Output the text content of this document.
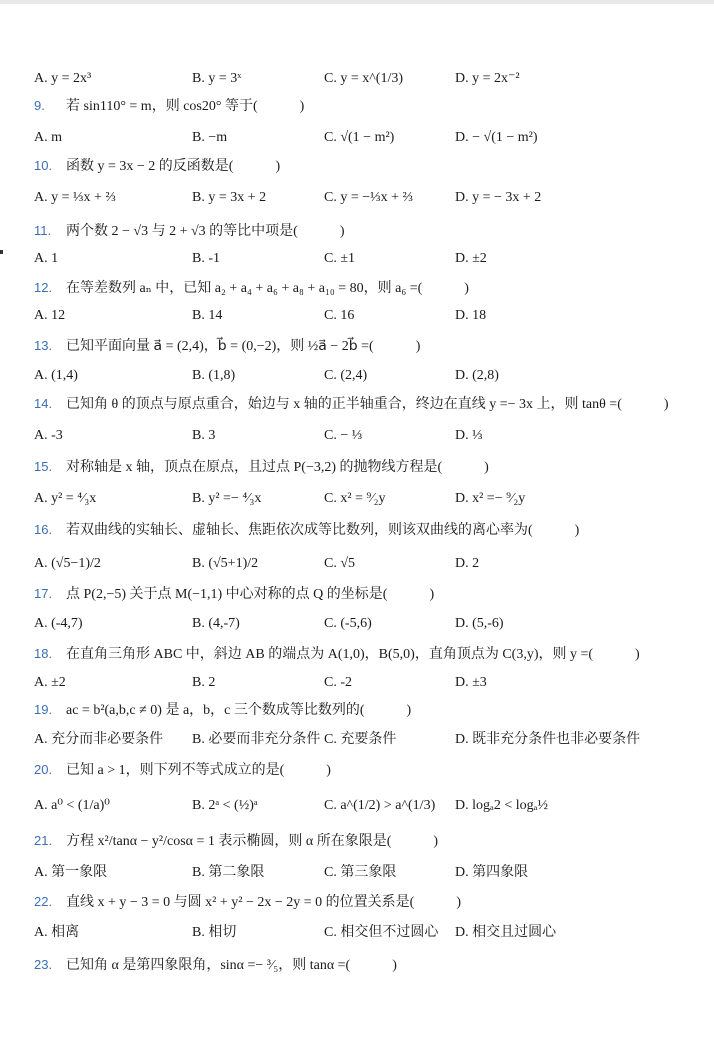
A. y = 2x³	B. y = 3ˣ	C. y = x^(1/3)	D. y = 2x⁻²
9.	若 sin110° = m，则 cos20° 等于(　　　)
A. m	B. −m	C. √(1 − m²)	D. − √(1 − m²)
10. 函数 y = 3x − 2 的反函数是(　　　)
A. y = ⅓x + ⅔	B. y = 3x + 2	C. y = −⅓x + ⅔	D. y = − 3x + 2
11.	两个数 2 − √3 与 2 + √3 的等比中项是(　　　)
A. 1	B. -1	C. ±1	D. ±2
12. 在等差数列 aₙ 中，已知 a₂ + a₄ + a₆ + a₈ + a₁₀ = 80，则 a₆ =(　　　)
A. 12	B. 14	C. 16	D. 18
13. 已知平面向量 a⃗ = (2,4)，b⃗ = (0,−2)，则 ½a⃗ − 2b⃗ =(　　　)
A. (1,4)	B. (1,8)	C. (2,4)	D. (2,8)
14. 已知角 θ 的顶点与原点重合，始边与 x 轴的正半轴重合，终边在直线 y =− 3x 上，则 tanθ =(　　　)
A. -3	B. 3	C. − ⅓	D. ⅓
15. 对称轴是 x 轴，顶点在原点，且过点 P(−3,2) 的抛物线方程是(　　　)
A. y² = ⁴⁄₃x	B. y² =− ⁴⁄₃x	C. x² = ⁹⁄₂y	D. x² =− ⁹⁄₂y
16. 若双曲线的实轴长、虚轴长、焦距依次成等比数列，则该双曲线的离心率为(　　　)
A. (√5−1)/2	B. (√5+1)/2	C. √5	D. 2
17. 点 P(2,−5) 关于点 M(−1,1) 中心对称的点 Q 的坐标是(　　　)
A. (-4,7)	B. (4,-7)	C. (-5,6)	D. (5,-6)
18. 在直角三角形 ABC 中，斜边 AB 的端点为 A(1,0)，B(5,0)，直角顶点为 C(3,y)，则 y =(　　　)
A. ±2	B. 2	C. -2	D. ±3
19. ac = b²(a,b,c ≠ 0) 是 a，b，c 三个数成等比数列的(　　　)
A. 充分而非必要条件 B. 必要而非充分条件 C. 充要条件	D. 既非充分条件也非必要条件
20. 已知 a > 1，则下列不等式成立的是(　　　)
A. a⁰ < (1/a)⁰	B. 2ᵃ < (½)ᵃ	C. a^(1/2) > a^(1/3) D. logₐ2 < logₐ½
21. 方程 x²/tanα − y²/cosα = 1 表示椭圆，则 α 所在象限是(　　　)
A. 第一象限	B. 第二象限	C. 第三象限	D. 第四象限
22. 直线 x + y − 3 = 0 与圆 x² + y² − 2x − 2y = 0 的位置关系是(　　　)
A. 相离	B. 相切	C. 相交但不过圆心 D. 相交且过圆心
23. 已知角 α 是第四象限角，sinα =− ³⁄₅，则 tanα =(　　　)
